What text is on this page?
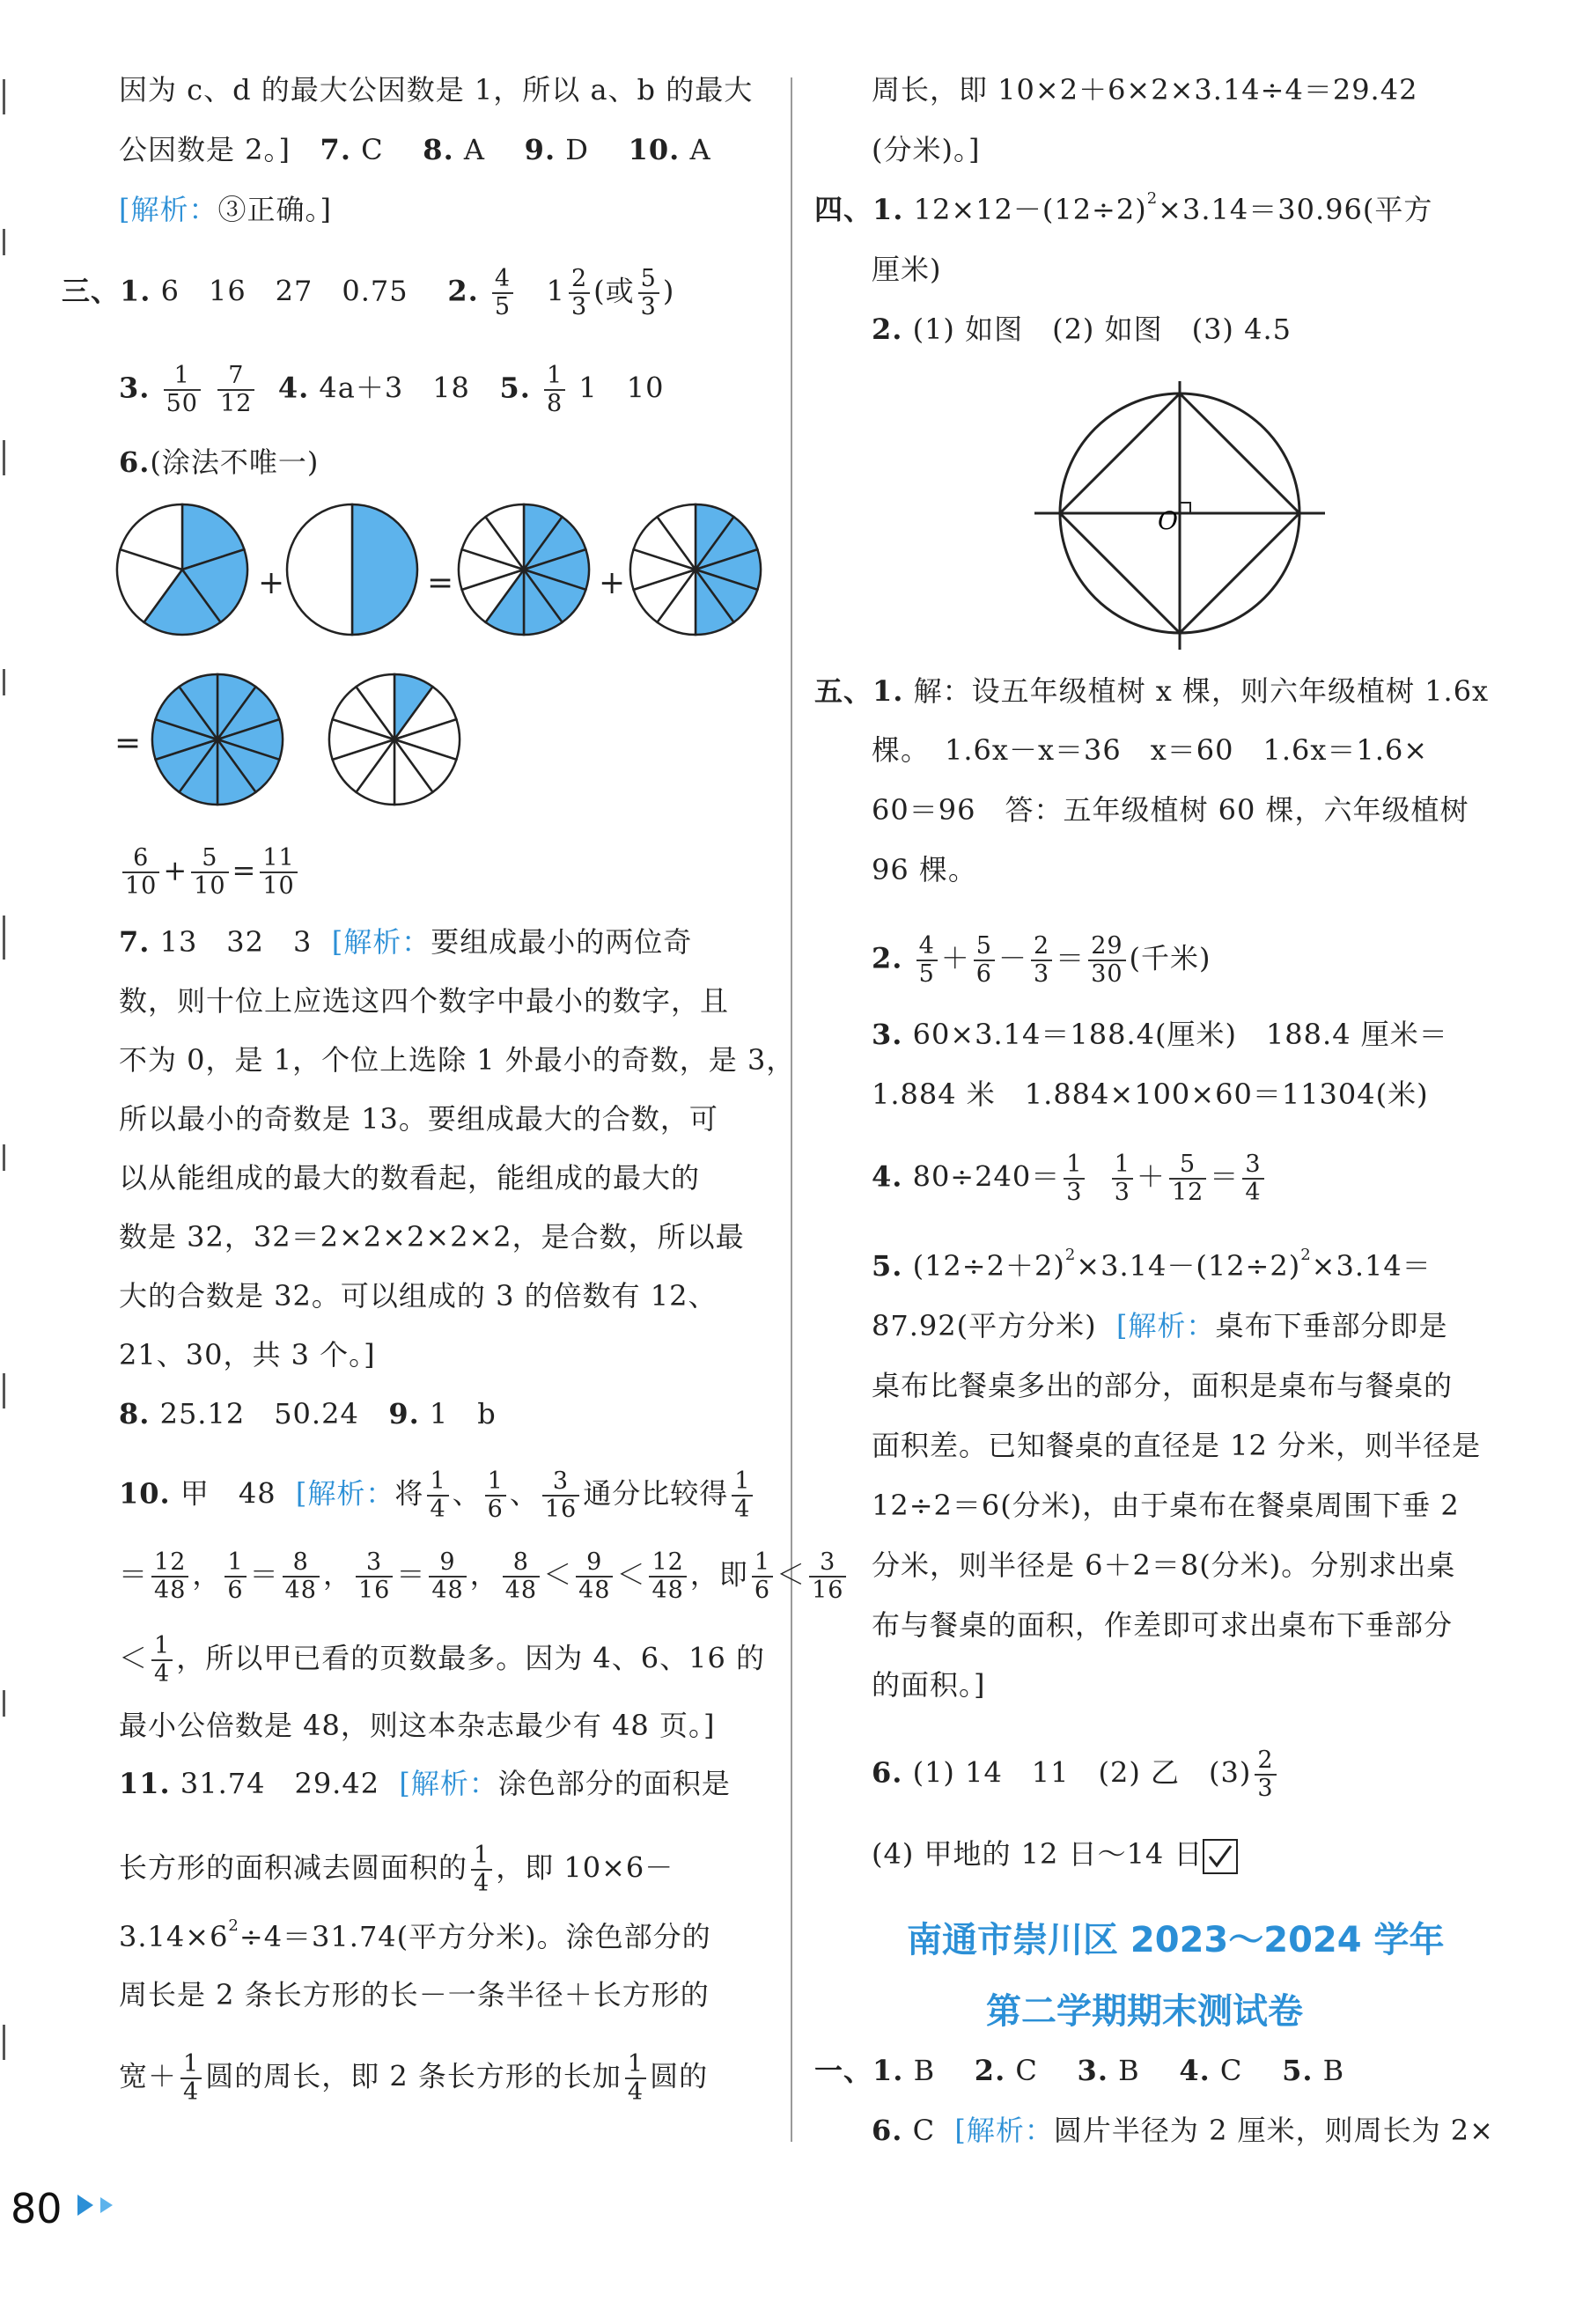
因为 c、d 的最大公因数是 1，所以 a、b 的最大
公因数是 2。] 7. C 8. A 9. D 10. A
[解析：③正确。]
三、1. 6　16　27　0.75 2. $\frac{4}{5} 1 \frac{2}{3}$ (或 $\frac{5}{3}$ )
3. $\frac{1}{50}$
$\frac{7}{12} 4$. 4a＋3　18 5. $\frac{1}{8} 1$　10
6.(涂法不唯一)
+	=	+
=
$\frac{6}{10} + \frac{5}{10} = \frac{11}{10}$
7. 13　32　3 [解析：要组成最小的两位奇
数，则十位上应选这四个数字中最小的数字，且
不为 0，是 1，个位上选除 1 外最小的奇数，是 3，
所以最小的奇数是 13。要组成最大的合数，可
以从能组成的最大的数看起，能组成的最大的
数是 32，32＝2×2×2×2×2，是合数，所以最
大的合数是 32。可以组成的 3 的倍数有 12、
21、30，共 3 个。]
8. 25.12　50.24 9. 1　b
10. 甲　48 [解析：将 $\frac{1}{4}$ 、 $\frac{1}{6}$ 、 $\frac{3}{16}$ 通分比较得 $\frac{1}{4}$
＝ $\frac{12}{48}$ ， $\frac{1}{6} = \frac{8}{48}$ ， $\frac{3}{16} = \frac{9}{48}$ ， $\frac{8}{48} < \frac{9}{48} < \frac{12}{48}$ ，即 $\frac{1}{6} < \frac{3}{16}$
＜ $\frac{1}{4}$ ，所以甲已看的页数最多。因为 4、6、16 的
最小公倍数是 48，则这本杂志最少有 48 页。]
11. 31.74　29.42 [解析：涂色部分的面积是
长方形的面积减去圆面积的 $\frac{1}{4}$ ，即 10×6－
$3.14\times 6^2\div 4=31.74$(平方分米)。涂色部分的
周长是 2 条长方形的长－一条半径＋长方形的
宽＋ $\frac{1}{4}$ 圆的周长，即 2 条长方形的长加 $\frac{1}{4}$ 圆的
周长，即 10×2＋6×2×3.14÷4＝29.42
(分米)。]
四、1. $12\times 12-(12\div 2)^2\times 3.14=30.96$(平方
厘米)
2. (1) 如图　(2) 如图　(3) 4.5
O
五、1. 解：设五年级植树 x 棵，则六年级植树 1.6x
棵。　1.6x－x＝36　x＝60　1.6x＝1.6×
60＝96　答：五年级植树 60 棵，六年级植树
96 棵。
2. $\frac{4}{5} + \frac{5}{6} - \frac{2}{3} = \frac{29}{30}$ (千米)
3. 60×3.14＝188.4(厘米)　188.4 厘米＝
1.884 米　1.884×100×60＝11304(米)
4. $80\div 240= \frac{1}{3}$
$\frac{1}{3} + \frac{5}{12} = \frac{3}{4}$
5. $(12\div 2+2)^2\times 3.14-(12\div 2)^2\times 3.14=$
87.92(平方分米) [解析：桌布下垂部分即是
桌布比餐桌多出的部分，面积是桌布与餐桌的
面积差。已知餐桌的直径是 12 分米，则半径是
12÷2＝6(分米)，由于桌布在餐桌周围下垂 2
分米，则半径是 6＋2＝8(分米)。分别求出桌
布与餐桌的面积，作差即可求出桌布下垂部分
的面积。]
6. (1) 14　11　(2) 乙　$(3) \frac{2}{3}$
(4) 甲地的 12 日～14 日
南通市崇川区 2023～2024 学年
第二学期期末测试卷
一、1. B 2. C 3. B 4. C 5. B
6. C [解析：圆片半径为 2 厘米，则周长为 2×
80
